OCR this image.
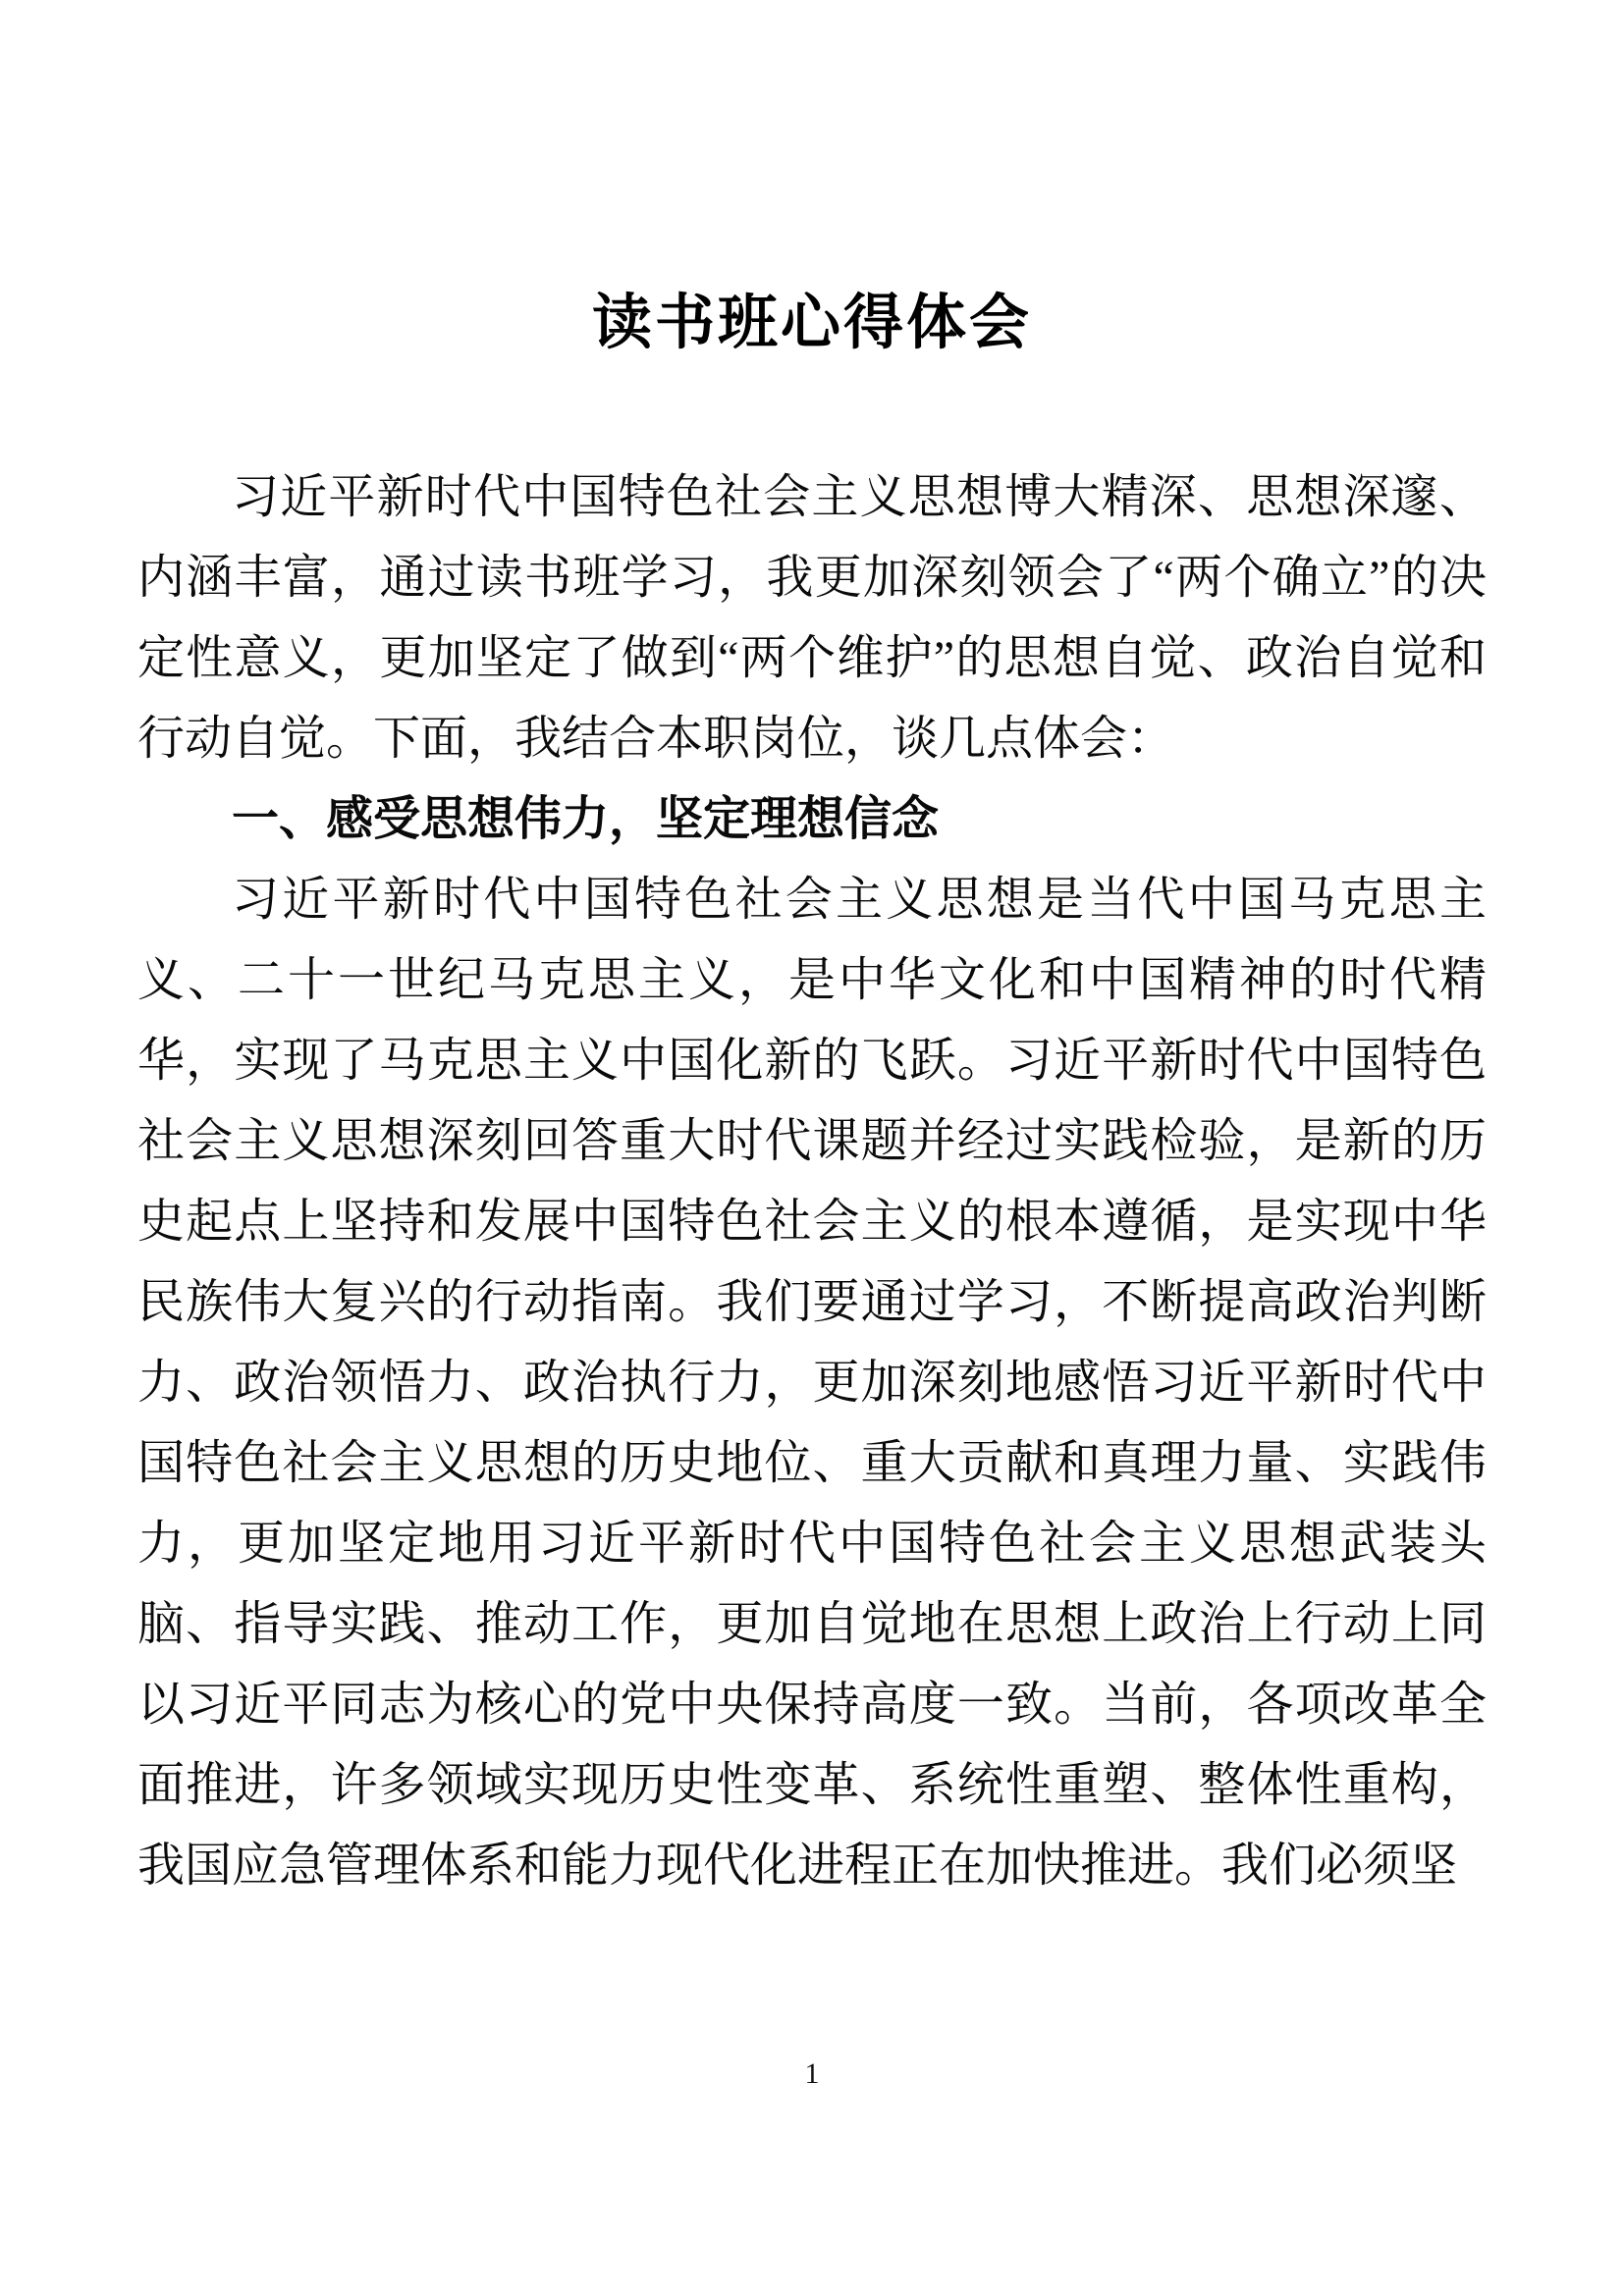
读书班心得体会

习近平新时代中国特色社会主义思想博大精深、思想深邃、内涵丰富，通过读书班学习，我更加深刻领会了“两个确立”的决定性意义，更加坚定了做到“两个维护”的思想自觉、政治自觉和行动自觉。下面，我结合本职岗位，谈几点体会：

一、感受思想伟力，坚定理想信念

习近平新时代中国特色社会主义思想是当代中国马克思主义、二十一世纪马克思主义，是中华文化和中国精神的时代精华，实现了马克思主义中国化新的飞跃。习近平新时代中国特色社会主义思想深刻回答重大时代课题并经过实践检验，是新的历史起点上坚持和发展中国特色社会主义的根本遵循，是实现中华民族伟大复兴的行动指南。我们要通过学习，不断提高政治判断力、政治领悟力、政治执行力，更加深刻地感悟习近平新时代中国特色社会主义思想的历史地位、重大贡献和真理力量、实践伟力，更加坚定地用习近平新时代中国特色社会主义思想武装头脑、指导实践、推动工作，更加自觉地在思想上政治上行动上同以习近平同志为核心的党中央保持高度一致。当前，各项改革全面推进，许多领域实现历史性变革、系统性重塑、整体性重构，我国应急管理体系和能力现代化进程正在加快推进。我们必须坚

1
